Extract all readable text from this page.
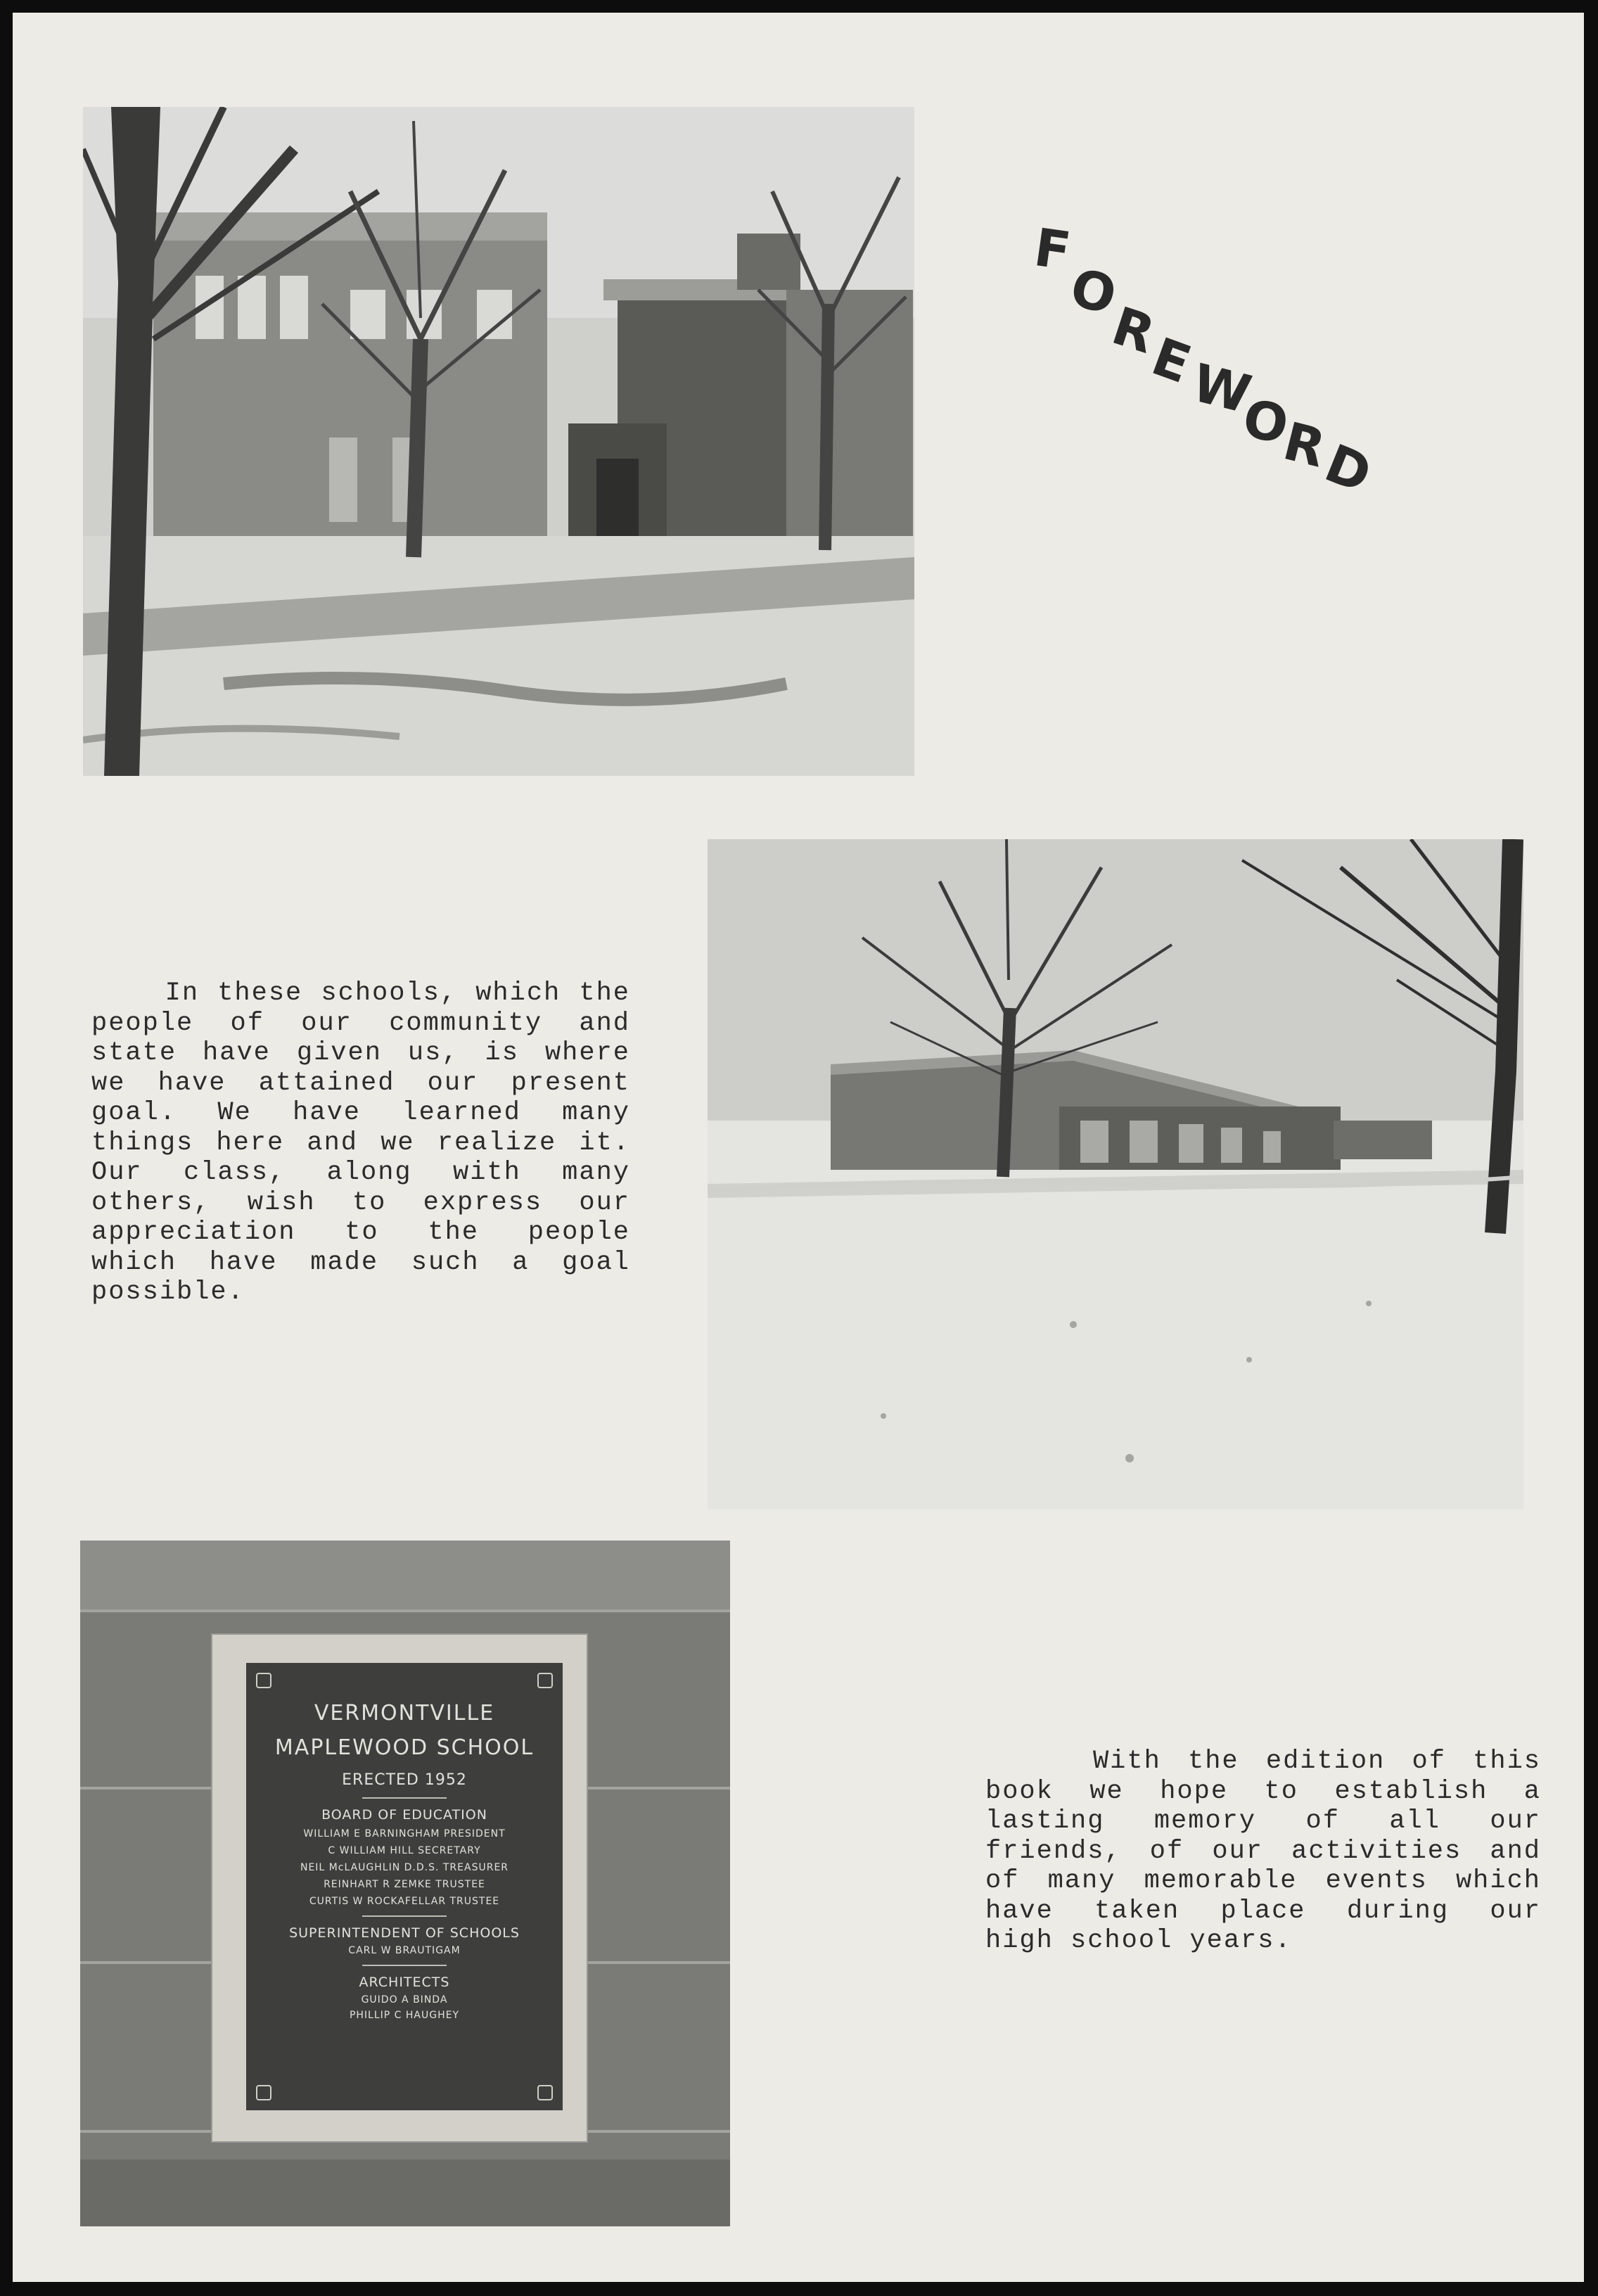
F
O
R
E
W
O
R
D
In these schools, which the
people of our community and
state have given us, is where
we have attained our present
goal. We have learned many
things here and we realize it.
Our class, along with many
others, wish to express our
appreciation to the people
which have made such a goal
possible.
VERMONTVILLE
MAPLEWOOD SCHOOL
ERECTED 1952
BOARD OF EDUCATION
WILLIAM E BARNINGHAM PRESIDENT
C WILLIAM HILL SECRETARY
NEIL McLAUGHLIN D.D.S. TREASURER
REINHART R ZEMKE TRUSTEE
CURTIS W ROCKAFELLAR TRUSTEE
SUPERINTENDENT OF SCHOOLS
CARL W BRAUTIGAM
ARCHITECTS
GUIDO A BINDA
PHILLIP C HAUGHEY
With the edition of this
book we hope to establish a
lasting memory of all our
friends, of our activities and
of many memorable events which
have taken place during our
high school years.
